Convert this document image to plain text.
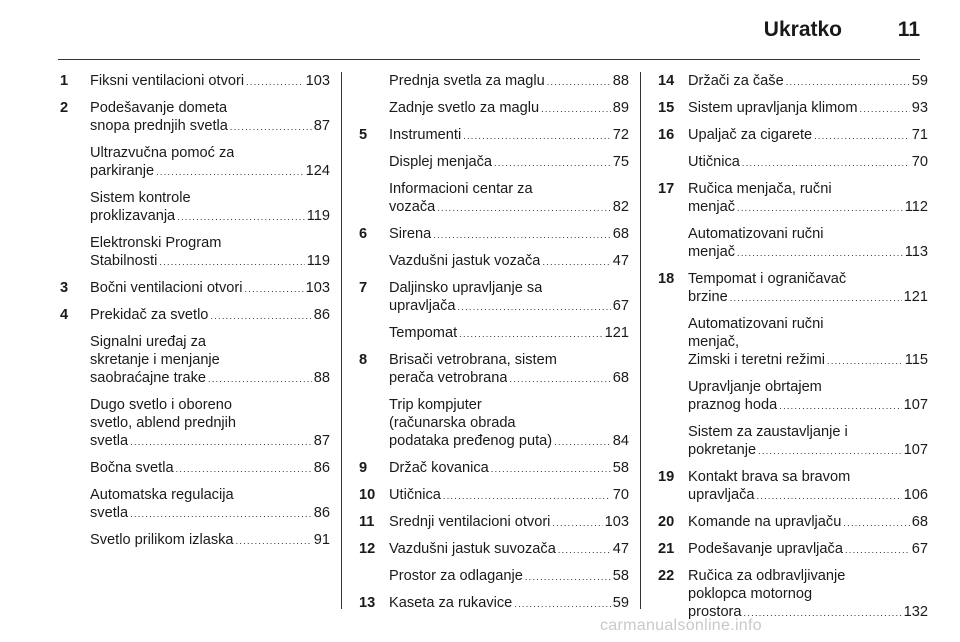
Ukratko	11
1 Fiksni ventilacioni otvori . . .	103
2 Podešavanje dometa
snopa prednjih svetla . . .	87
Ultrazvučna pomoć za
parkiranje . . .	124
Sistem kontrole
proklizavanja . . .	119
Elektronski Program
Stabilnosti . . .	119
3 Bočni ventilacioni otvori . . .	103
4 Prekidač za svetlo . . .	86
Signalni uređaj za
skretanje i menjanje
saobraćajne trake . . .	88
Dugo svetlo i oboreno
svetlo, ablend prednjih
svetla . . .	87
Bočna svetla . . .	86
Automatska regulacija
svetla . . .	86
Svetlo prilikom izlaska . . .	91
Prednja svetla za maglu . . .	88
Zadnje svetlo za maglu . . .	89
5 Instrumenti . . .	72
Displej menjača . . .	75
Informacioni centar za
vozača . . .	82
6 Sirena . . .	68
Vazdušni jastuk vozača . . .	47
7 Daljinsko upravljanje sa
upravljača . . .	67
Tempomat . . .	121
8 Brisači vetrobrana, sistem
perača vetrobrana . . .	68
Trip kompjuter
(računarska obrada
podataka pređenog puta) . . .	84
9 Držač kovanica . . .	58
10 Utičnica . . .	70
11 Srednji ventilacioni otvori . . .	103
12 Vazdušni jastuk suvozača . . .	47
Prostor za odlaganje . . .	58
13 Kaseta za rukavice . . .	59
14 Držači za čaše . . .	59
15 Sistem upravljanja klimom . . .	93
16 Upaljač za cigarete . . .	71
Utičnica . . .	70
17 Ručica menjača, ručni
menjač . . .	112
Automatizovani ručni
menjač . . .	113
18 Tempomat i ograničavač
brzine . . .	121
Automatizovani ručni
menjač,
Zimski i teretni režimi . . .	115
Upravljanje obrtajem
praznog hoda . . .	107
Sistem za zaustavljanje i
pokretanje . . .	107
19 Kontakt brava sa bravom
upravljača . . .	106
20 Komande na upravljaču . . .	68
21 Podešavanje upravljača . . .	67
22 Ručica za odbravljivanje
poklopca motornog
prostora . . .	132
carmanualsonline.info
